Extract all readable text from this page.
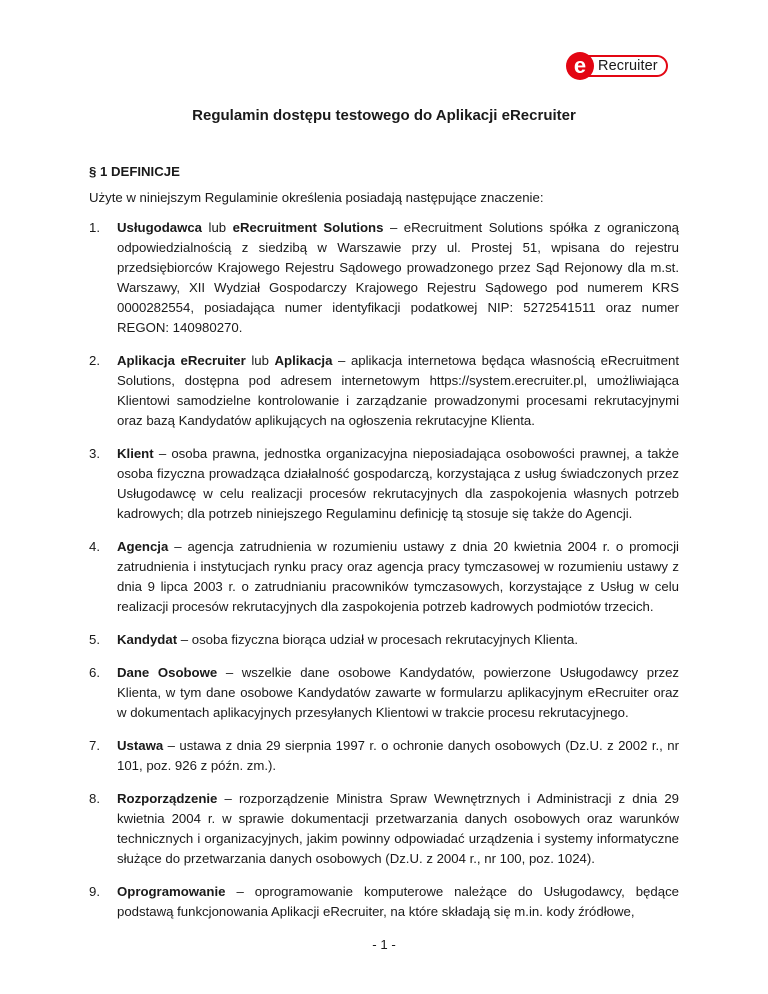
e Recruiter
Regulamin dostępu testowego do Aplikacji eRecruiter
§ 1 DEFINICJE
Użyte w niniejszym Regulaminie określenia posiadają następujące znaczenie:
1.	Usługodawca lub eRecruitment Solutions – eRecruitment Solutions spółka z ograniczoną odpowiedzialnością z siedzibą w Warszawie przy ul. Prostej 51, wpisana do rejestru przedsiębiorców Krajowego Rejestru Sądowego prowadzonego przez Sąd Rejonowy dla m.st. Warszawy, XII Wydział Gospodarczy Krajowego Rejestru Sądowego pod numerem KRS 0000282554, posiadająca numer identyfikacji podatkowej NIP: 5272541511 oraz numer REGON: 140980270.
2.	Aplikacja eRecruiter lub Aplikacja – aplikacja internetowa będąca własnością eRecruitment Solutions, dostępna pod adresem internetowym https://system.erecruiter.pl, umożliwiająca Klientowi samodzielne kontrolowanie i zarządzanie prowadzonymi procesami rekrutacyjnymi oraz bazą Kandydatów aplikujących na ogłoszenia rekrutacyjne Klienta.
3.	Klient – osoba prawna, jednostka organizacyjna nieposiadająca osobowości prawnej, a także osoba fizyczna prowadząca działalność gospodarczą, korzystająca z usług świadczonych przez Usługodawcę w celu realizacji procesów rekrutacyjnych dla zaspokojenia własnych potrzeb kadrowych; dla potrzeb niniejszego Regulaminu definicję tą stosuje się także do Agencji.
4.	Agencja – agencja zatrudnienia w rozumieniu ustawy z dnia 20 kwietnia 2004 r. o promocji zatrudnienia i instytucjach rynku pracy oraz agencja pracy tymczasowej w rozumieniu ustawy z dnia 9 lipca 2003 r. o zatrudnianiu pracowników tymczasowych, korzystające z Usług w celu realizacji procesów rekrutacyjnych dla zaspokojenia potrzeb kadrowych podmiotów trzecich.
5.	Kandydat – osoba fizyczna biorąca udział w procesach rekrutacyjnych Klienta.
6.	Dane Osobowe – wszelkie dane osobowe Kandydatów, powierzone Usługodawcy przez Klienta, w tym dane osobowe Kandydatów zawarte w formularzu aplikacyjnym eRecruiter oraz w dokumentach aplikacyjnych przesyłanych Klientowi w trakcie procesu rekrutacyjnego.
7.	Ustawa – ustawa z dnia 29 sierpnia 1997 r. o ochronie danych osobowych (Dz.U. z 2002 r., nr 101, poz. 926 z późn. zm.).
8.	Rozporządzenie – rozporządzenie Ministra Spraw Wewnętrznych i Administracji z dnia 29 kwietnia 2004 r. w sprawie dokumentacji przetwarzania danych osobowych oraz warunków technicznych i organizacyjnych, jakim powinny odpowiadać urządzenia i systemy informatyczne służące do przetwarzania danych osobowych (Dz.U. z 2004 r., nr 100, poz. 1024).
9.	Oprogramowanie – oprogramowanie komputerowe należące do Usługodawcy, będące podstawą funkcjonowania Aplikacji eRecruiter, na które składają się m.in. kody źródłowe,
- 1 -
